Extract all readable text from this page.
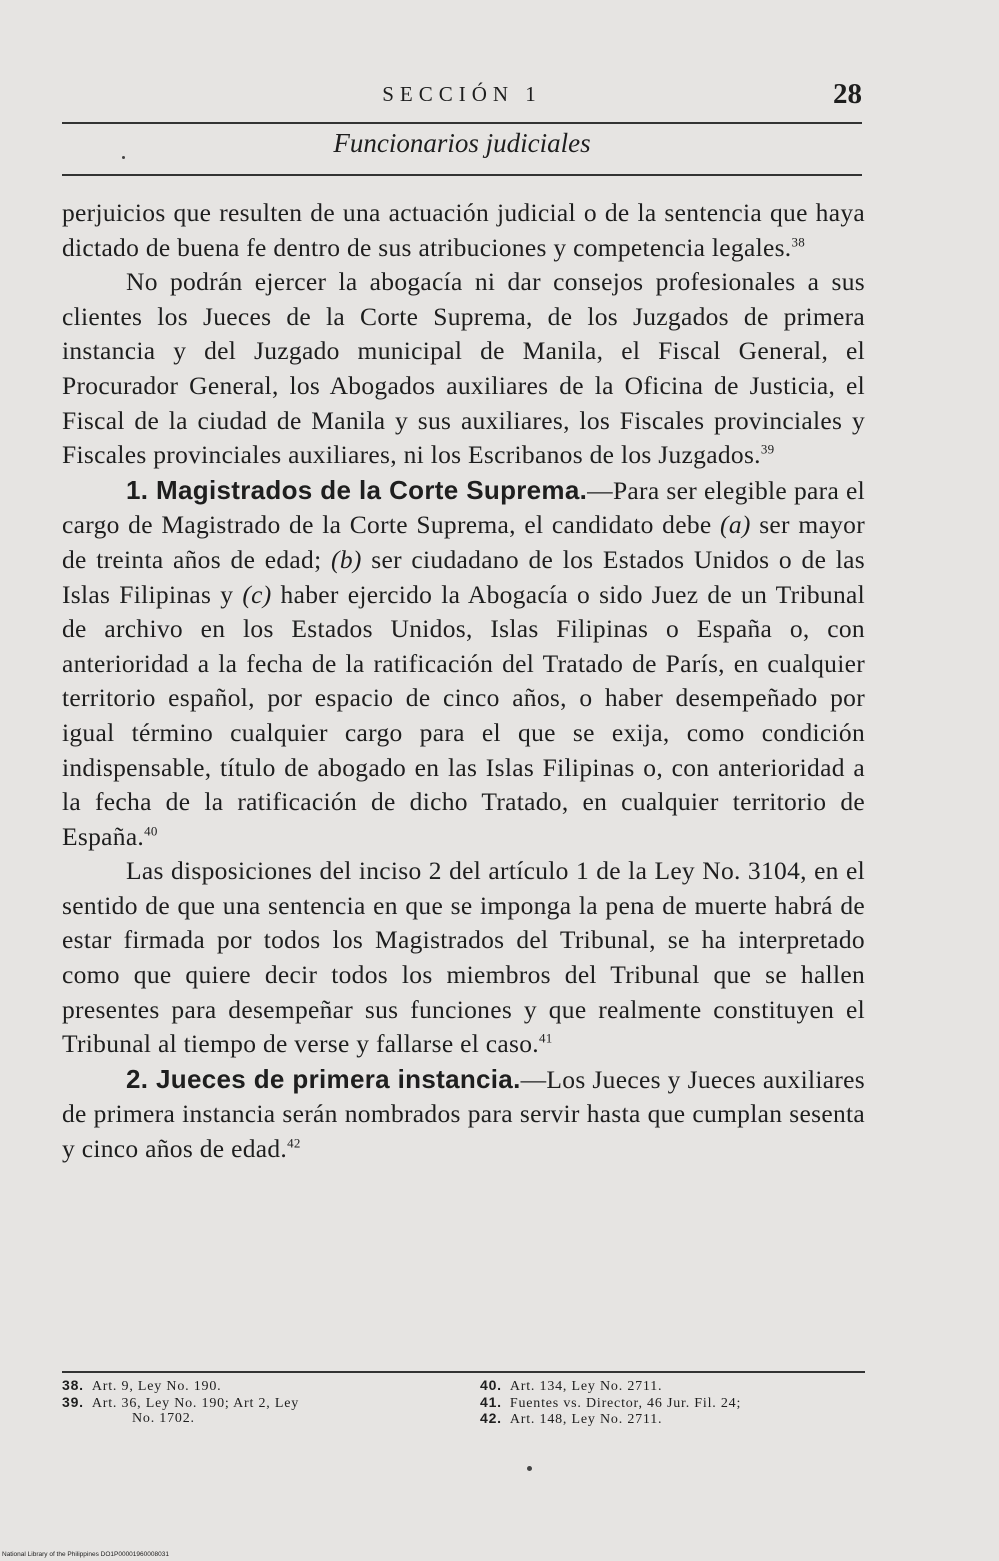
SECCIÓN 1	28
Funcionarios judiciales

perjuicios que resulten de una actuación judicial o de la sentencia que haya dictado de buena fe dentro de sus atribuciones y competencia legales.$^{38}$

No podrán ejercer la abogacía ni dar consejos profesionales a sus clientes los Jueces de la Corte Suprema, de los Juzgados de primera instancia y del Juzgado municipal de Manila, el Fiscal General, el Procurador General, los Abogados auxiliares de la Oficina de Justicia, el Fiscal de la ciudad de Manila y sus auxiliares, los Fiscales provinciales y Fiscales provinciales auxiliares, ni los Escribanos de los Juzgados.$^{39}$

1. Magistrados de la Corte Suprema.—Para ser elegible para el cargo de Magistrado de la Corte Suprema, el candidato debe (a) ser mayor de treinta años de edad; (b) ser ciudadano de los Estados Unidos o de las Islas Filipinas y (c) haber ejercido la Abogacía o sido Juez de un Tribunal de archivo en los Estados Unidos, Islas Filipinas o España o, con anterioridad a la fecha de la ratificación del Tratado de París, en cualquier territorio español, por espacio de cinco años, o haber desempeñado por igual término cualquier cargo para el que se exija, como condición indispensable, título de abogado en las Islas Filipinas o, con anterioridad a la fecha de la ratificación de dicho Tratado, en cualquier territorio de España.$^{40}$

Las disposiciones del inciso 2 del artículo 1 de la Ley No. 3104, en el sentido de que una sentencia en que se imponga la pena de muerte habrá de estar firmada por todos los Magistrados del Tribunal, se ha interpretado como que quiere decir todos los miembros del Tribunal que se hallen presentes para desempeñar sus funciones y que realmente constituyen el Tribunal al tiempo de verse y fallarse el caso.$^{41}$

2. Jueces de primera instancia.—Los Jueces y Jueces auxiliares de primera instancia serán nombrados para servir hasta que cumplan sesenta y cinco años de edad.$^{42}$

38. Art. 9, Ley No. 190.

39. Art. 36, Ley No. 190; Art 2, Ley
No. 1702.

40. Art. 134, Ley No. 2711.

41. Fuentes vs. Director, 46 Jur. Fil. 24;

42. Art. 148, Ley No. 2711.

National Library of the Philippines DO1P00001960008031
